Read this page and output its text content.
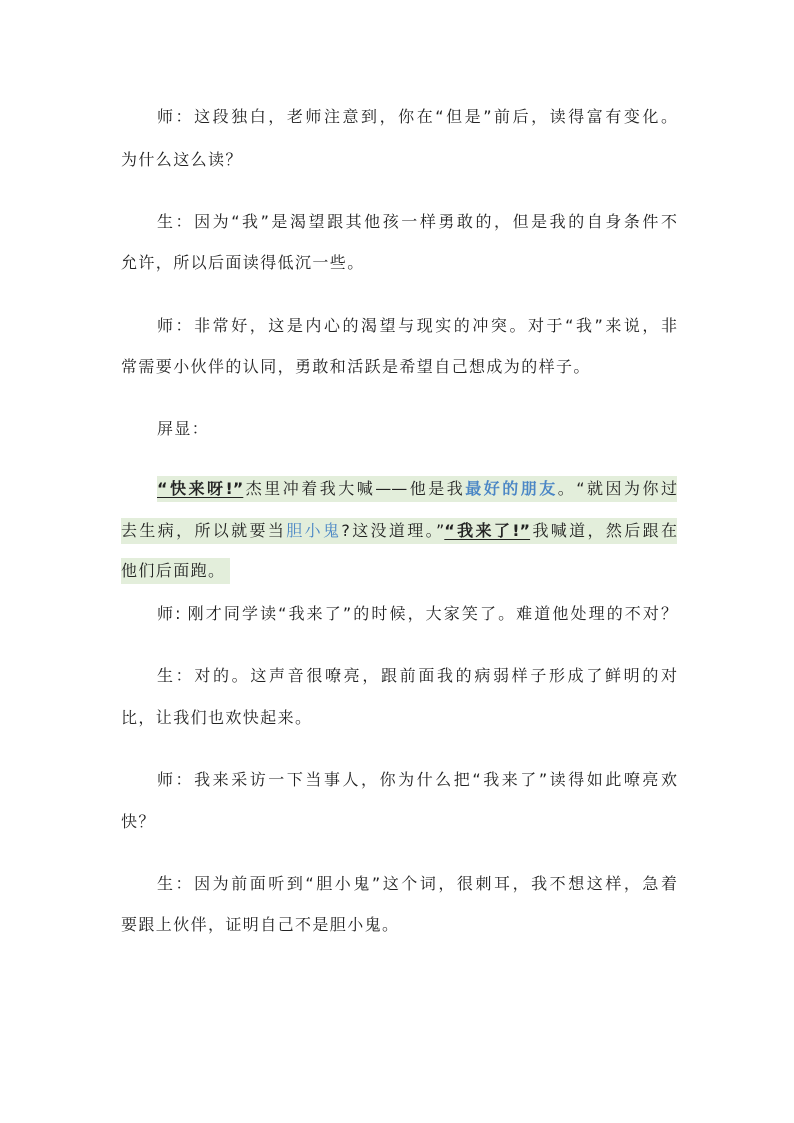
师：这段独白，老师注意到，你在“但是”前后，读得富有变化。
为什么这么读？
生：因为“我”是渴望跟其他孩一样勇敢的，但是我的自身条件不
允许，所以后面读得低沉一些。
师：非常好，这是内心的渴望与现实的冲突。对于“我”来说，非
常需要小伙伴的认同，勇敢和活跃是希望自己想成为的样子。
屏显：
“快来呀!”杰里冲着我大喊——他是我最好的朋友。“就因为你过
去生病，所以就要当胆小鬼?这没道理。”“我来了!”我喊道，然后跟在
他们后面跑。
师: 刚才同学读“我来了”的时候，大家笑了。难道他处理的不对？
生：对的。这声音很嘹亮，跟前面我的病弱样子形成了鲜明的对
比，让我们也欢快起来。
师：我来采访一下当事人，你为什么把“我来了”读得如此嘹亮欢
快？
生：因为前面听到“胆小鬼”这个词，很刺耳，我不想这样，急着
要跟上伙伴，证明自己不是胆小鬼。
